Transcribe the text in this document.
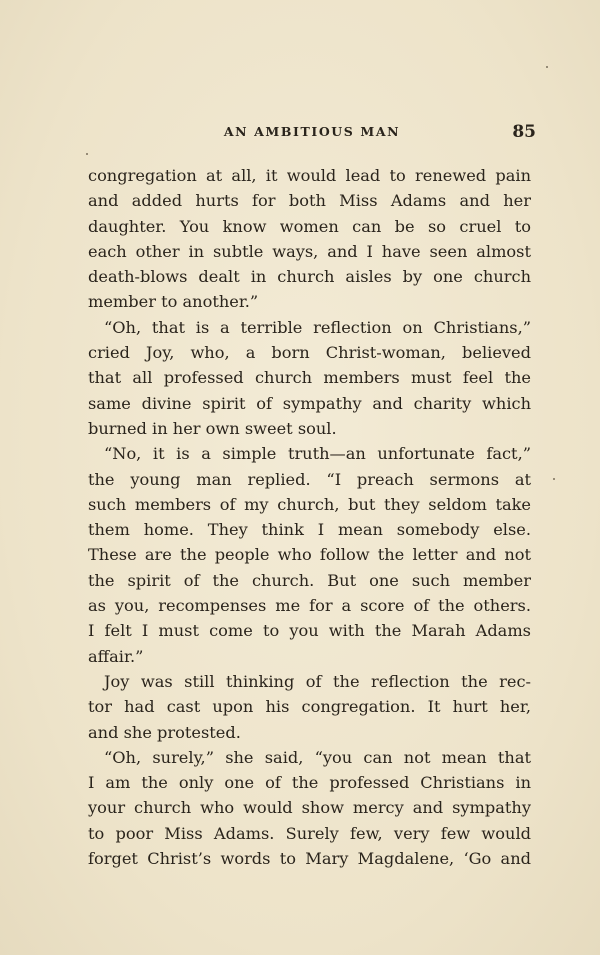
AN AMBITIOUS MAN	85
congregation at all, it would lead to renewed pain
and added hurts for both Miss Adams and her
daughter. You know women can be so cruel to
each other in subtle ways, and I have seen almost
death-blows dealt in church aisles by one church
member to another.”
“Oh, that is a terrible reflection on Christians,”
cried Joy, who, a born Christ-woman, believed
that all professed church members must feel the
same divine spirit of sympathy and charity which
burned in her own sweet soul.
“No, it is a simple truth—an unfortunate fact,”
the young man replied. “I preach sermons at
such members of my church, but they seldom take
them home. They think I mean somebody else.
These are the people who follow the letter and not
the spirit of the church. But one such member
as you, recompenses me for a score of the others.
I felt I must come to you with the Marah Adams
affair.”
Joy was still thinking of the reflection the rec-
tor had cast upon his congregation. It hurt her,
and she protested.
“Oh, surely,” she said, “you can not mean that
I am the only one of the professed Christians in
your church who would show mercy and sympathy
to poor Miss Adams. Surely few, very few would
forget Christ’s words to Mary Magdalene, ‘Go and
